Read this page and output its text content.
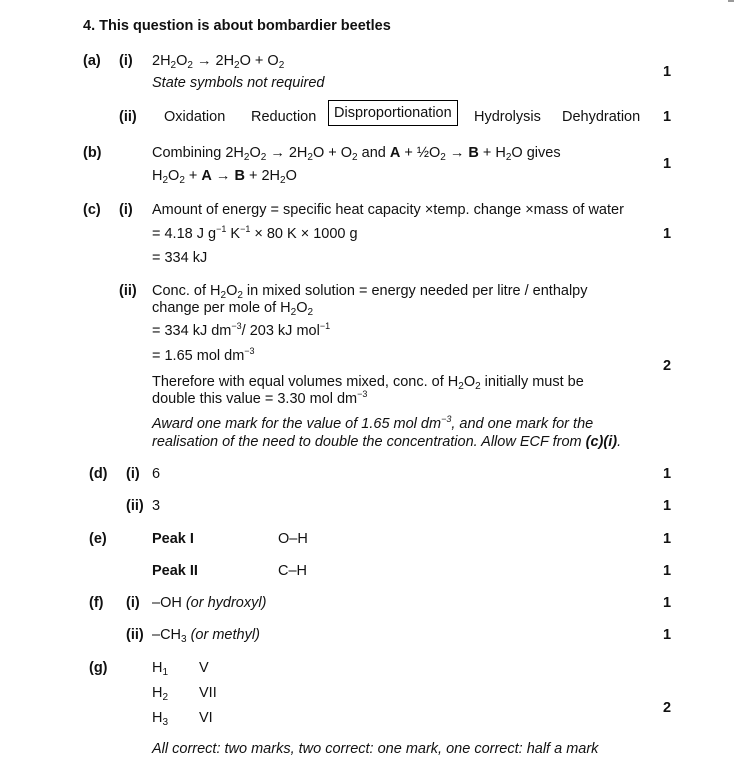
4. This question is about bombardier beetles
(a) (i) $2H_2O_2 \to 2H_2O + O_2$
State symbols not required
1
(ii) Oxidation Reduction	Disproportionation	Hydrolysis Dehydration 1
(b)	Combining $2H_2O_2 \to 2H_2O + O_2$ and $A + \frac{1}{2}O_2 \to B + H_2O$ gives
$H_2O_2 + A \to B + 2H_2O$
1
(c) (i) Amount of energy = specific heat capacity ×temp. change ×mass of water
= 4.18 J $g^{-1}$ $K^{-1} \times 80$ K × 1000 g
= 334 kJ
1
(ii) Conc. of $H_2O_2$ in mixed solution = energy needed per litre / enthalpy
change per mole of $H_2O_2$
= 334 kJ $dm^{-3}/$ 203 kJ mol$^{-1}$
= 1.65 mol $dm^{-3}$
Therefore with equal volumes mixed, conc. of $H_2O_2$ initially must be
double this value = 3.30 mol $dm^{-3}$
Award one mark for the value of 1.65 mol $dm^{-3}$, and one mark for the
realisation of the need to double the concentration. Allow ECF from (c)(i).
2
(d) (i) 6	1
(ii) 3	1
(e)	Peak I	O–H	1
Peak II	C–H	1
(f) (i) –OH (or hydroxyl)	1
(ii) $-CH_3$ (or methyl)	1
(g)	$H_1$ V
$H_2$ VII
$H_3$ VI
2
All correct: two marks, two correct: one mark, one correct: half a mark
